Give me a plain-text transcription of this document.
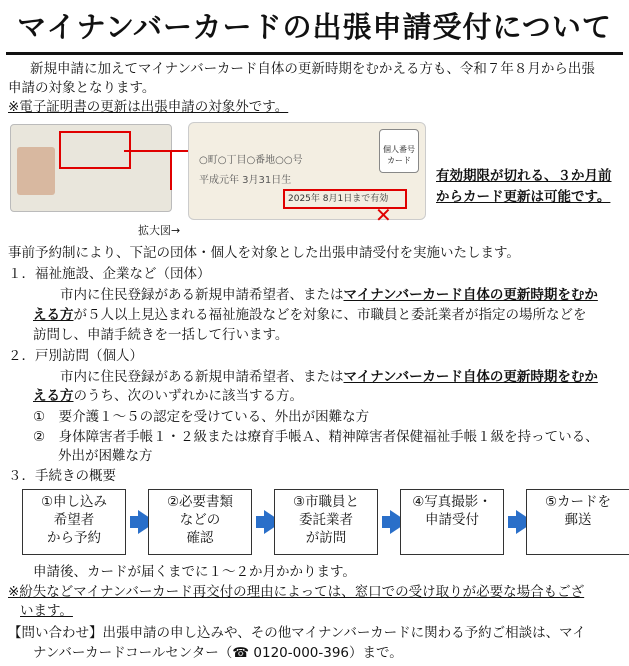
マイナンバーカードの出張申請受付について
新規申請に加えてマイナンバーカード自体の更新時期をむかえる方も、令和７年８月から出張
申請の対象となります。
※電子証明書の更新は出張申請の対象外です。
○町○丁目○番地○○号
平成元年 3月31日生
個人番号カード
2025年 8月1日まで有効
✕
拡大図→
有効期限が切れる、３か月前
からカード更新は可能です。
事前予約制により、下記の団体・個人を対象とした出張申請受付を実施いたします。
１．福祉施設、企業など（団体）
市内に住民登録がある新規申請希望者、またはマイナンバーカード自体の更新時期をむか
える方が５人以上見込まれる福祉施設などを対象に、市職員と委託業者が指定の場所などを
訪問し、申請手続きを一括して行います。
２．戸別訪問（個人）
市内に住民登録がある新規申請希望者、またはマイナンバーカード自体の更新時期をむか
える方のうち、次のいずれかに該当する方。
①　要介護１～５の認定を受けている、外出が困難な方
②　身体障害者手帳１・２級または療育手帳Ａ、精神障害者保健福祉手帳１級を持っている、
外出が困難な方
３．手続きの概要
①申し込み
希望者
から予約
②必要書類
などの
確認
③市職員と
委託業者
が訪問
④写真撮影・
申請受付
⑤カードを
郵送
申請後、カードが届くまでに１～２か月かかります。
※紛失などマイナンバーカード再交付の理由によっては、窓口での受け取りが必要な場合もござ
います。
【問い合わせ】出張申請の申し込みや、その他マイナンバーカードに関わる予約ご相談は、マイ
ナンバーカードコールセンター（☎ 0120-000-396）まで。
